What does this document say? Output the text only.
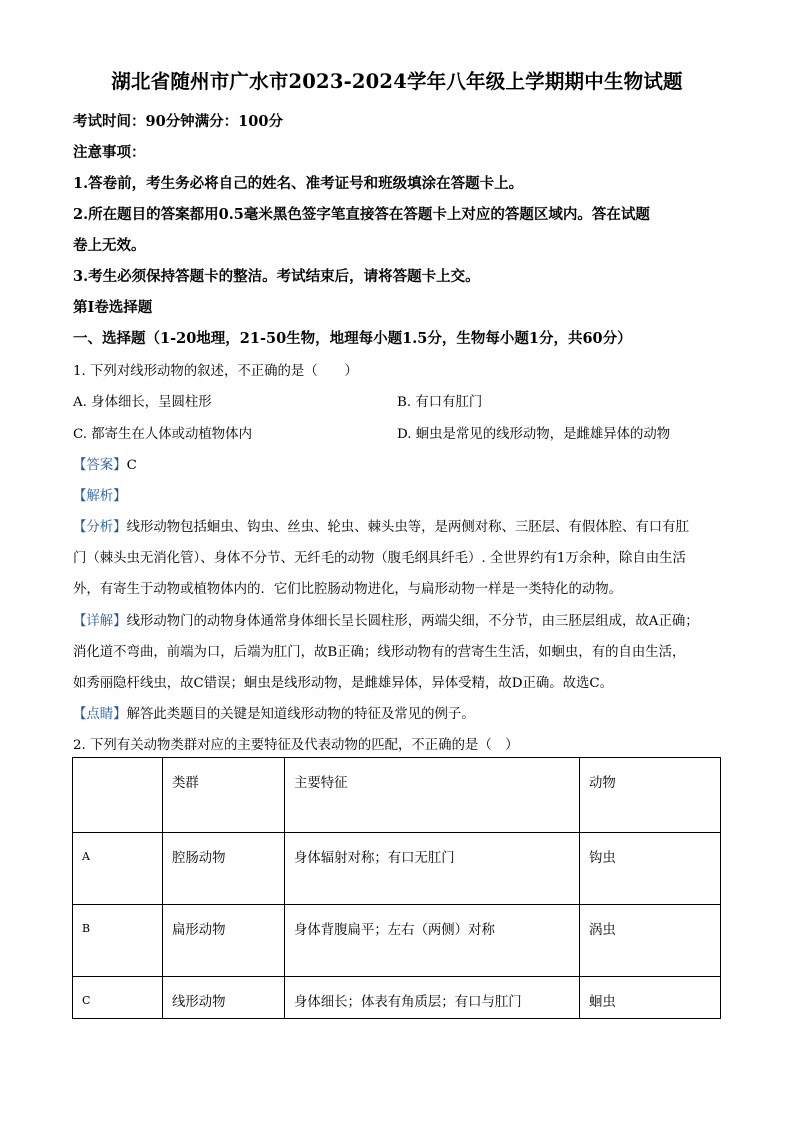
湖北省随州市广水市2023-2024学年八年级上学期期中生物试题
考试时间：90分钟满分：100分
注意事项：
1.答卷前，考生务必将自己的姓名、准考证号和班级填涂在答题卡上。
2.所在题目的答案都用0.5毫米黑色签字笔直接答在答题卡上对应的答题区域内。答在试题
卷上无效。
3.考生必须保持答题卡的整洁。考试结束后，请将答题卡上交。
第Ⅰ卷选择题
一、选择题（1-20地理，21-50生物，地理每小题1.5分，生物每小题1分，共60分）
1. 下列对线形动物的叙述，不正确的是（　　）
A. 身体细长，呈圆柱形	B. 有口有肛门
C. 都寄生在人体或动植物体内	D. 蛔虫是常见的线形动物，是雌雄异体的动物
【答案】C
【解析】
【分析】线形动物包括蛔虫、钩虫、丝虫、轮虫、棘头虫等，是两侧对称、三胚层、有假体腔、有口有肛
门（棘头虫无消化管）、身体不分节、无纤毛的动物（腹毛纲具纤毛）. 全世界约有1万余种，除自由生活
外，有寄生于动物或植物体内的．它们比腔肠动物进化，与扁形动物一样是一类特化的动物。
【详解】线形动物门的动物身体通常身体细长呈长圆柱形，两端尖细，不分节，由三胚层组成，故A正确；
消化道不弯曲，前端为口，后端为肛门，故B正确；线形动物有的营寄生生活，如蛔虫，有的自由生活，
如秀丽隐杆线虫，故C错误；蛔虫是线形动物，是雌雄异体，异体受精，故D正确。故选C。
【点睛】解答此类题目的关键是知道线形动物的特征及常见的例子。
2. 下列有关动物类群对应的主要特征及代表动物的匹配，不正确的是（　）
	类群	主要特征	动物
A	腔肠动物	身体辐射对称；有口无肛门	钩虫
B	扁形动物	身体背腹扁平；左右（两侧）对称	涡虫
C	线形动物	身体细长；体表有角质层；有口与肛门	蛔虫
